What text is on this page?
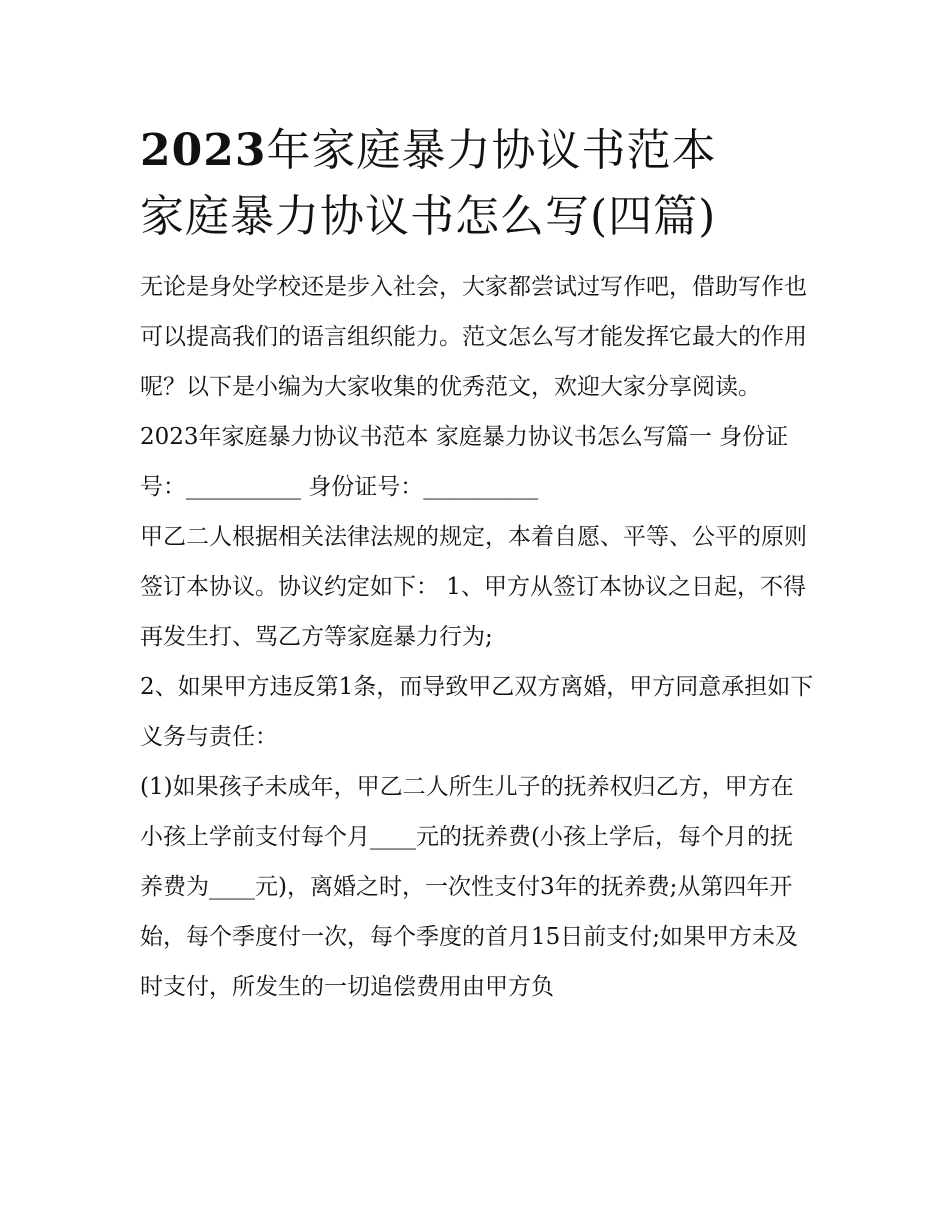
2023年家庭暴力协议书范本
家庭暴力协议书怎么写(四篇)

无论是身处学校还是步入社会，大家都尝试过写作吧，借助写作也可以提高我们的语言组织能力。范文怎么写才能发挥它最大的作用呢？以下是小编为大家收集的优秀范文，欢迎大家分享阅读。

2023年家庭暴力协议书范本 家庭暴力协议书怎么写篇一 身份证号：__________ 身份证号：__________

甲乙二人根据相关法律法规的规定，本着自愿、平等、公平的原则签订本协议。协议约定如下： 1、甲方从签订本协议之日起，不得再发生打、骂乙方等家庭暴力行为;

2、如果甲方违反第1条，而导致甲乙双方离婚，甲方同意承担如下义务与责任：

(1)如果孩子未成年，甲乙二人所生儿子的抚养权归乙方，甲方在小孩上学前支付每个月____元的抚养费(小孩上学后，每个月的抚养费为____元)，离婚之时，一次性支付3年的抚养费;从第四年开始，每个季度付一次，每个季度的首月15日前支付;如果甲方未及时支付，所发生的一切追偿费用由甲方负
